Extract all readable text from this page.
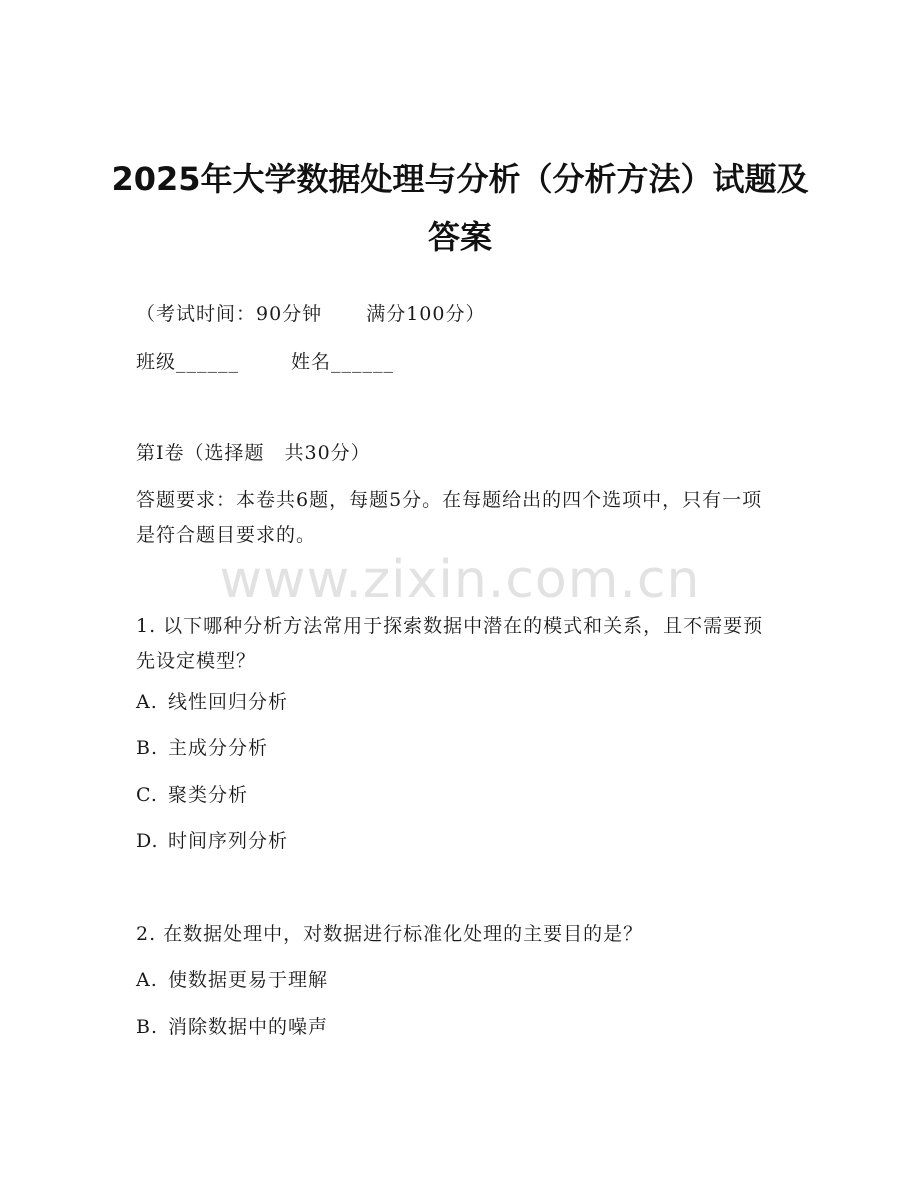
2025年大学数据处理与分析（分析方法）试题及答案
（考试时间：90分钟 满分100分）
班级______	姓名______
第I卷（选择题　共30分）
答题要求：本卷共6题，每题5分。在每题给出的四个选项中，只有一项是符合题目要求的。
www.zixin.com.cn
1. 以下哪种分析方法常用于探索数据中潜在的模式和关系，且不需要预先设定模型？
A. 线性回归分析
B. 主成分分析
C. 聚类分析
D. 时间序列分析
2. 在数据处理中，对数据进行标准化处理的主要目的是？
A. 使数据更易于理解
B. 消除数据中的噪声
